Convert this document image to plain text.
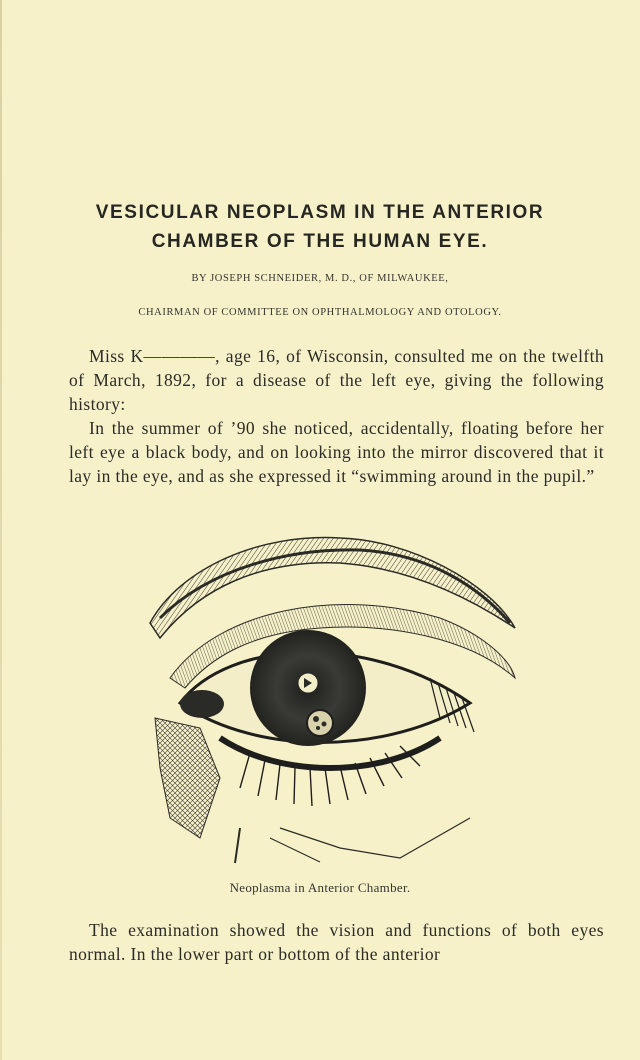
VESICULAR NEOPLASM IN THE ANTERIOR
CHAMBER OF THE HUMAN EYE.
BY JOSEPH SCHNEIDER, M. D., OF MILWAUKEE,
CHAIRMAN OF COMMITTEE ON OPHTHALMOLOGY AND OTOLOGY.

Miss K————, age 16, of Wisconsin, consulted me on the twelfth of March, 1892, for a disease of the left eye, giving the following history:

In the summer of ’90 she noticed, accidentally, floating before her left eye a black body, and on looking into the mirror discovered that it lay in the eye, and as she expressed it “swimming around in the pupil.”

Neoplasma in Anterior Chamber.

The examination showed the vision and functions of both eyes normal. In the lower part or bottom of the anterior
